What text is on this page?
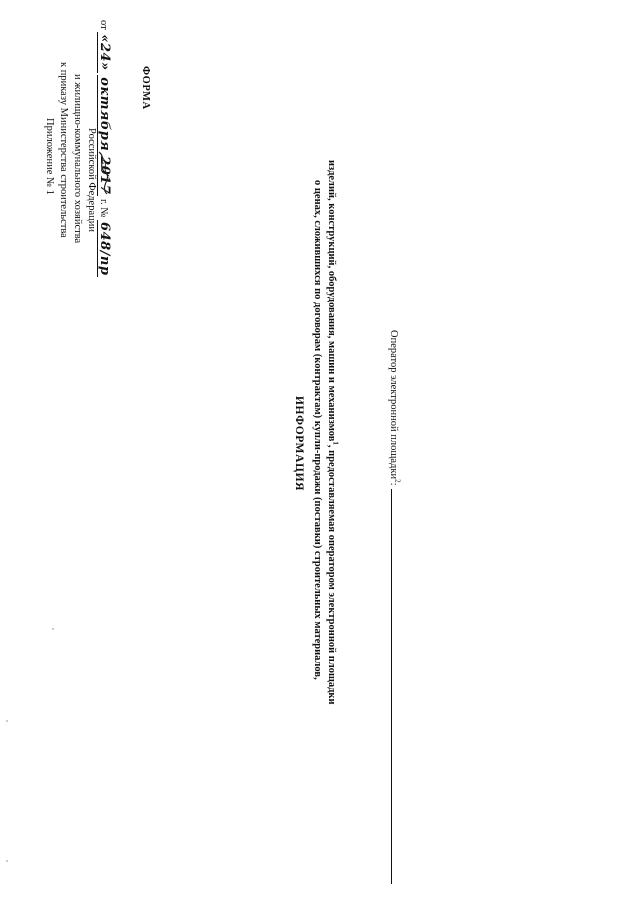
Приложение № 1 к приказу Министерства строительства и жилищно-коммунального хозяйства Российской Федерации
от «24» октября 2017 г. № 648/пр
ФОРМА
ИНФОРМАЦИЯ о ценах, сложившихся по договорам (контрактам) купли-продажи (поставки) строительных материалов, изделий, конструкций, оборудования, машин и механизмов$^1$, предоставляемая оператором электронной площадки
Оператор электронной площадки$^2$:
